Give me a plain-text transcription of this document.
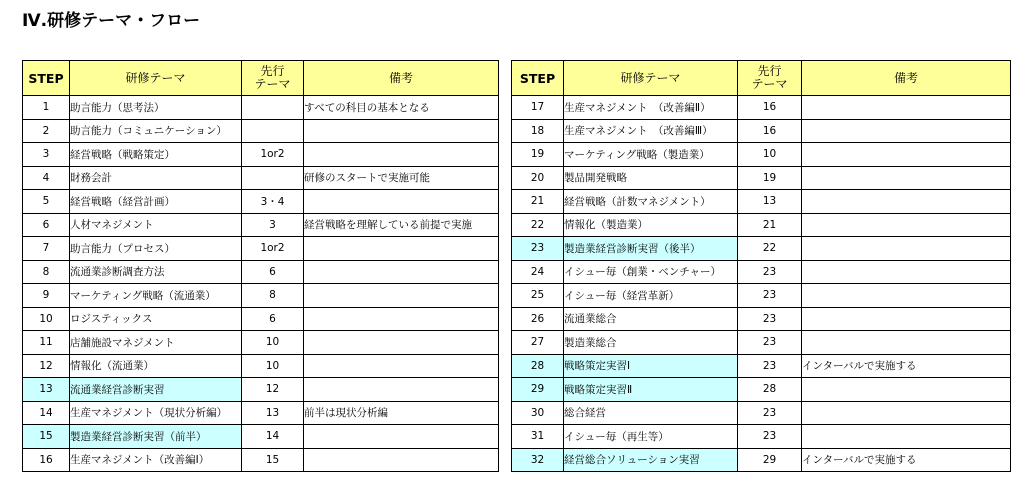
Ⅳ.研修テーマ・フロー
STEP	研修テーマ	先行
テーマ	備考
1	助言能力（思考法）		すべての科目の基本となる
2	助言能力（コミュニケーション）		
3	経営戦略（戦略策定）	1or2	
4	財務会計		研修のスタートで実施可能
5	経営戦略（経営計画）	3・4	
6	人材マネジメント	3	経営戦略を理解している前提で実施
7	助言能力（プロセス）	1or2	
8	流通業診断調査方法	6	
9	マーケティング戦略（流通業）	8	
10	ロジスティックス	6	
11	店舗施設マネジメント	10	
12	情報化（流通業）	10	
13	流通業経営診断実習	12	
14	生産マネジメント（現状分析編）	13	前半は現状分析編
15	製造業経営診断実習（前半）	14	
16	生産マネジメント（改善編Ⅰ）	15	
STEP	研修テーマ	先行
テーマ	備考
17	生産マネジメント　（改善編Ⅱ）	16	
18	生産マネジメント　（改善編Ⅲ）	16	
19	マーケティング戦略（製造業）	10	
20	製品開発戦略	19	
21	経営戦略（計数マネジメント）	13	
22	情報化（製造業）	21	
23	製造業経営診断実習（後半）	22	
24	イシュー毎（創業・ベンチャー）	23	
25	イシュー毎（経営革新）	23	
26	流通業総合	23	
27	製造業総合	23	
28	戦略策定実習Ⅰ	23	インターバルで実施する
29	戦略策定実習Ⅱ	28	
30	総合経営	23	
31	イシュー毎（再生等）	23	
32	経営総合ソリューション実習	29	インターバルで実施する
